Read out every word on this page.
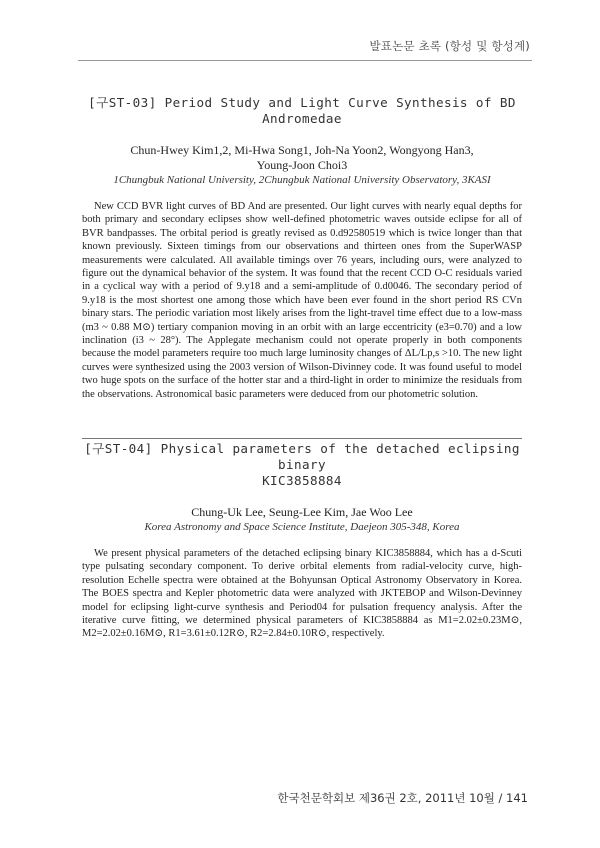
발표논문 초록 (항성 및 항성계)
[구ST-03] Period Study and Light Curve Synthesis of BD Andromedae
Chun-Hwey Kim1,2, Mi-Hwa Song1, Joh-Na Yoon2, Wongyong Han3,
Young-Joon Choi3
1Chungbuk National University, 2Chungbuk National University Observatory, 3KASI
New CCD BVR light curves of BD And are presented. Our light curves with nearly equal depths for both primary and secondary eclipses show well-defined photometric waves outside eclipse for all of BVR bandpasses. The orbital period is greatly revised as 0.d92580519 which is twice longer than that known previously. Sixteen timings from our observations and thirteen ones from the SuperWASP measurements were calculated. All available timings over 76 years, including ours, were analyzed to figure out the dynamical behavior of the system. It was found that the recent CCD O-C residuals varied in a cyclical way with a period of 9.y18 and a semi-amplitude of 0.d0046. The secondary period of 9.y18 is the most shortest one among those which have been ever found in the short period RS CVn binary stars. The periodic variation most likely arises from the light-travel time effect due to a low-mass (m3 ~ 0.88 M⊙) tertiary companion moving in an orbit with an large eccentricity (e3=0.70) and a low inclination (i3 ~ 28°). The Applegate mechanism could not operate properly in both components because the model parameters require too much large luminosity changes of ΔL/Lp,s >10. The new light curves were synthesized using the 2003 version of Wilson-Divinney code. It was found useful to model two huge spots on the surface of the hotter star and a third-light in order to minimize the residuals from the observations. Astronomical basic parameters were deduced from our photometric solution.
[구ST-04] Physical parameters of the detached eclipsing binary
KIC3858884
Chung-Uk Lee, Seung-Lee Kim, Jae Woo Lee
Korea Astronomy and Space Science Institute, Daejeon 305-348, Korea
We present physical parameters of the detached eclipsing binary KIC3858884, which has a d-Scuti type pulsating secondary component. To derive orbital elements from radial-velocity curve, high-resolution Echelle spectra were obtained at the Bohyunsan Optical Astronomy Observatory in Korea. The BOES spectra and Kepler photometric data were analyzed with JKTEBOP and Wilson-Devinney model for eclipsing light-curve synthesis and Period04 for pulsation frequency analysis. After the iterative curve fitting, we determined physical parameters of KIC3858884 as M1=2.02±0.23M⊙, M2=2.02±0.16M⊙, R1=3.61±0.12R⊙, R2=2.84±0.10R⊙, respectively.
한국천문학회보 제36권 2호, 2011년 10월 / 141
